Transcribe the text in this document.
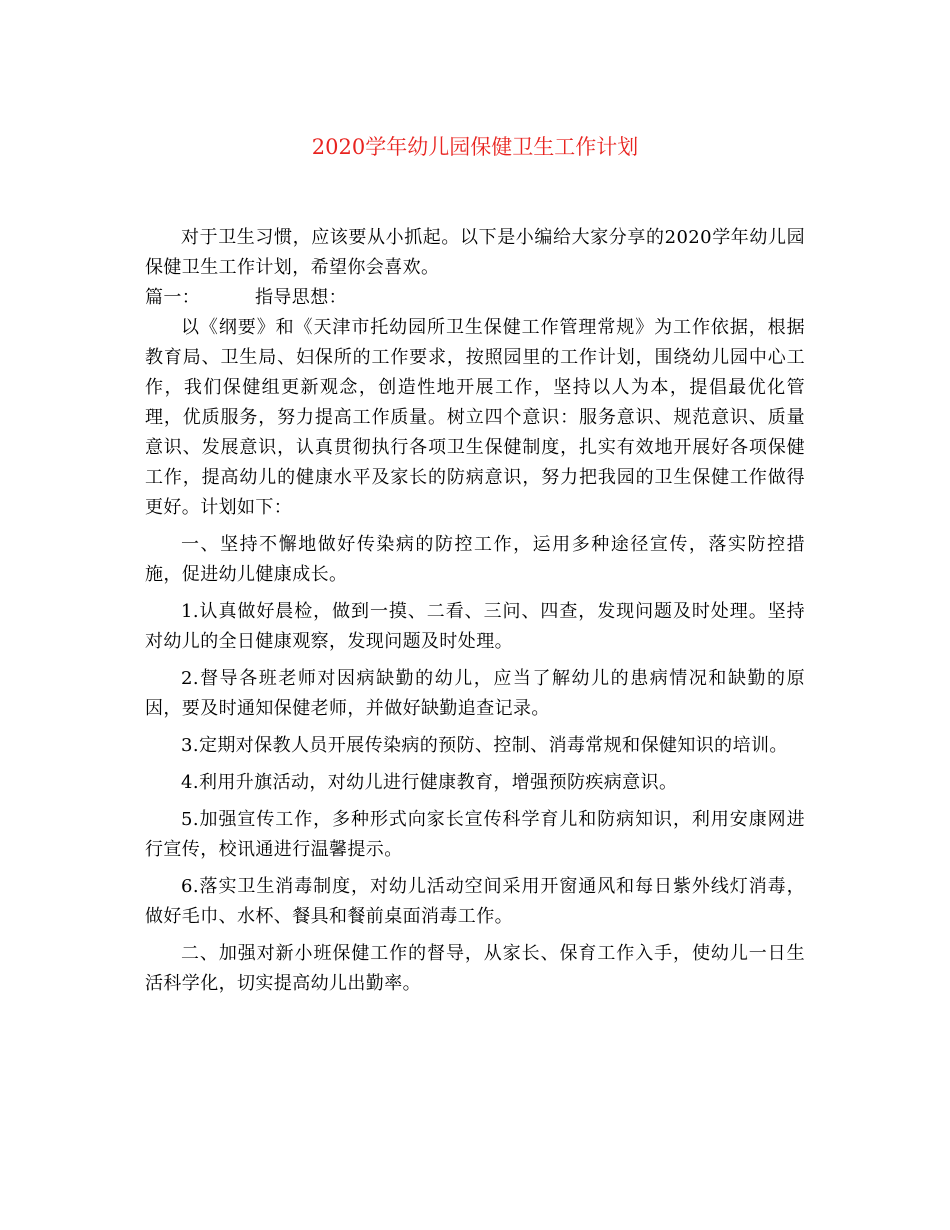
2020学年幼儿园保健卫生工作计划

对于卫生习惯，应该要从小抓起。以下是小编给大家分享的2020学年幼儿园保健卫生工作计划，希望你会喜欢。

篇一：	指导思想：

以《纲要》和《天津市托幼园所卫生保健工作管理常规》为工作依据，根据教育局、卫生局、妇保所的工作要求，按照园里的工作计划，围绕幼儿园中心工作，我们保健组更新观念，创造性地开展工作，坚持以人为本，提倡最优化管理，优质服务，努力提高工作质量。树立四个意识：服务意识、规范意识、质量意识、发展意识，认真贯彻执行各项卫生保健制度，扎实有效地开展好各项保健工作，提高幼儿的健康水平及家长的防病意识，努力把我园的卫生保健工作做得更好。计划如下：

一、坚持不懈地做好传染病的防控工作，运用多种途径宣传，落实防控措施，促进幼儿健康成长。

1.认真做好晨检，做到一摸、二看、三问、四查，发现问题及时处理。坚持对幼儿的全日健康观察，发现问题及时处理。

2.督导各班老师对因病缺勤的幼儿，应当了解幼儿的患病情况和缺勤的原因，要及时通知保健老师，并做好缺勤追查记录。

3.定期对保教人员开展传染病的预防、控制、消毒常规和保健知识的培训。

4.利用升旗活动，对幼儿进行健康教育，增强预防疾病意识。

5.加强宣传工作，多种形式向家长宣传科学育儿和防病知识，利用安康网进行宣传，校讯通进行温馨提示。

6.落实卫生消毒制度，对幼儿活动空间采用开窗通风和每日紫外线灯消毒，做好毛巾、水杯、餐具和餐前桌面消毒工作。

二、加强对新小班保健工作的督导，从家长、保育工作入手，使幼儿一日生活科学化，切实提高幼儿出勤率。
